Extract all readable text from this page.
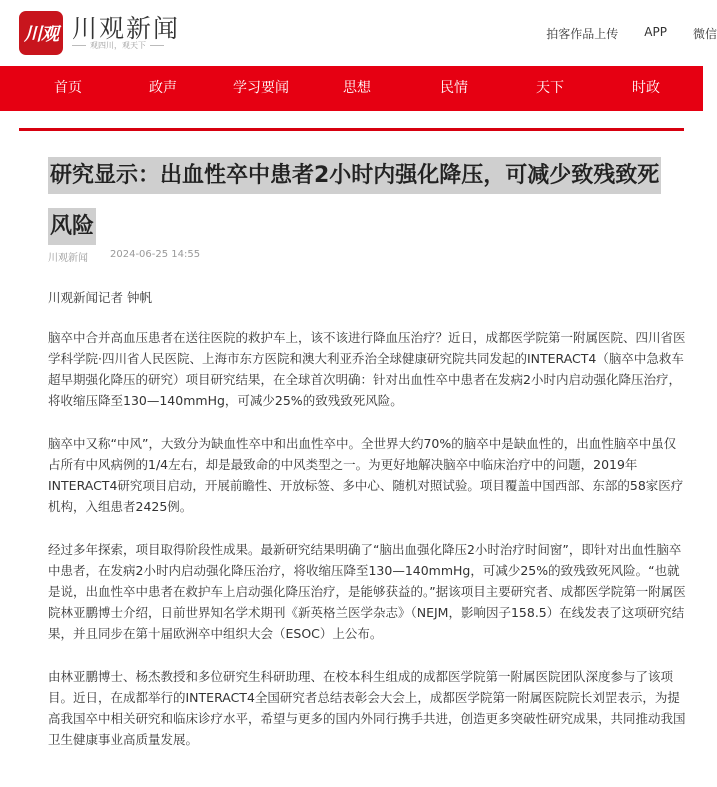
川观 川观新闻
观四川，观天下
拍客作品上传 APP 微信
首页	政声	学习要闻	思想	民情	天下	时政
研究显示：出血性卒中患者2小时内强化降压，可减少致残致死风险
川观新闻 2024-06-25 14:55

川观新闻记者 钟帆

脑卒中合并高血压患者在送往医院的救护车上，该不该进行降血压治疗？近日，成都医学院第一附属医院、四川省医学科学院·四川省人民医院、上海市东方医院和澳大利亚乔治全球健康研究院共同发起的INTERACT4（脑卒中急救车超早期强化降压的研究）项目研究结果，在全球首次明确：针对出血性卒中患者在发病2小时内启动强化降压治疗，将收缩压降至130—140mmHg，可减少25%的致残致死风险。

脑卒中又称“中风”，大致分为缺血性卒中和出血性卒中。全世界大约70%的脑卒中是缺血性的，出血性脑卒中虽仅占所有中风病例的1/4左右，却是最致命的中风类型之一。为更好地解决脑卒中临床治疗中的问题，2019年INTERACT4研究项目启动，开展前瞻性、开放标签、多中心、随机对照试验。项目覆盖中国西部、东部的58家医疗机构，入组患者2425例。

经过多年探索，项目取得阶段性成果。最新研究结果明确了“脑出血强化降压2小时治疗时间窗”，即针对出血性脑卒中患者，在发病2小时内启动强化降压治疗，将收缩压降至130—140mmHg，可减少25%的致残致死风险。“也就是说，出血性卒中患者在救护车上启动强化降压治疗，是能够获益的。”据该项目主要研究者、成都医学院第一附属医院林亚鹏博士介绍，日前世界知名学术期刊《新英格兰医学杂志》（NEJM，影响因子158.5）在线发表了这项研究结果，并且同步在第十届欧洲卒中组织大会（ESOC）上公布。

由林亚鹏博士、杨杰教授和多位研究生科研助理、在校本科生组成的成都医学院第一附属医院团队深度参与了该项目。近日，在成都举行的INTERACT4全国研究者总结表彰会大会上，成都医学院第一附属医院院长刘罡表示，为提高我国卒中相关研究和临床诊疗水平，希望与更多的国内外同行携手共进，创造更多突破性研究成果，共同推动我国卫生健康事业高质量发展。
